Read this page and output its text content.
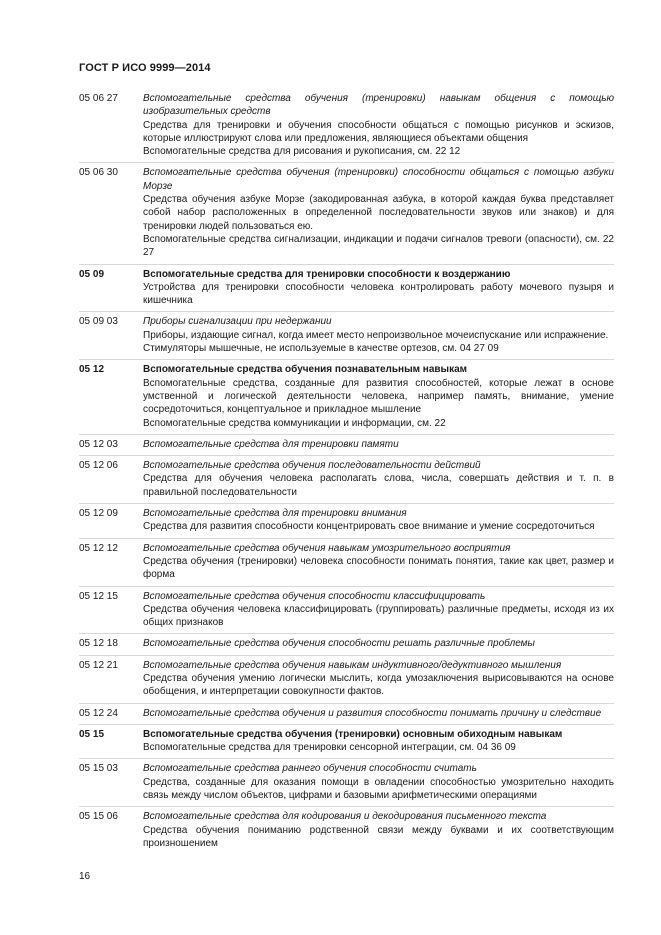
ГОСТ Р ИСО 9999—2014
05 06 27	Вспомогательные средства обучения (тренировки) навыкам общения с помощью изобразительных средств
Средства для тренировки и обучения способности общаться с помощью рисунков и эскизов, которые иллюстрируют слова или предложения, являющиеся объектами общения
Вспомогательные средства для рисования и рукописания, см. 22 12
05 06 30	Вспомогательные средства обучения (тренировки) способности общаться с помощью азбуки Морзе
Средства обучения азбуке Морзе (закодированная азбука, в которой каждая буква представляет собой набор расположенных в определенной последовательности звуков или знаков) и для тренировки людей пользоваться ею.
Вспомогательные средства сигнализации, индикации и подачи сигналов тревоги (опасности), см. 22 27
05 09	Вспомогательные средства для тренировки способности к воздержанию
Устройства для тренировки способности человека контролировать работу мочевого пузыря и кишечника
05 09 03	Приборы сигнализации при недержании
Приборы, издающие сигнал, когда имеет место непроизвольное мочеиспускание или испражнение.
Стимуляторы мышечные, не используемые в качестве ортезов, см. 04 27 09
05 12	Вспомогательные средства обучения познавательным навыкам
Вспомогательные средства, созданные для развития способностей, которые лежат в основе умственной и логической деятельности человека, например память, внимание, умение сосредоточиться, концептуальное и прикладное мышление
Вспомогательные средства коммуникации и информации, см. 22
05 12 03	Вспомогательные средства для тренировки памяти
05 12 06	Вспомогательные средства обучения последовательности действий
Средства для обучения человека располагать слова, числа, совершать действия и т. п. в правильной последовательности
05 12 09	Вспомогательные средства для тренировки внимания
Средства для развития способности концентрировать свое внимание и умение сосредоточиться
05 12 12	Вспомогательные средства обучения навыкам умозрительного восприятия
Средства обучения (тренировки) человека способности понимать понятия, такие как цвет, размер и форма
05 12 15	Вспомогательные средства обучения способности классифицировать
Средства обучения человека классифицировать (группировать) различные предметы, исходя из их общих признаков
05 12 18	Вспомогательные средства обучения способности решать различные проблемы
05 12 21	Вспомогательные средства обучения навыкам индуктивного/дедуктивного мышления
Средства обучения умению логически мыслить, когда умозаключения вырисовываются на основе обобщения, и интерпретации совокупности фактов.
05 12 24	Вспомогательные средства обучения и развития способности понимать причину и следствие
05 15	Вспомогательные средства обучения (тренировки) основным обиходным навыкам
Вспомогательные средства для тренировки сенсорной интеграции, см. 04 36 09
05 15 03	Вспомогательные средства раннего обучения способности считать
Средства, созданные для оказания помощи в овладении способностью умозрительно находить связь между числом объектов, цифрами и базовыми арифметическими операциями
05 15 06	Вспомогательные средства для кодирования и декодирования письменного текста
Средства обучения пониманию родственной связи между буквами и их соответствующим произношением
16
